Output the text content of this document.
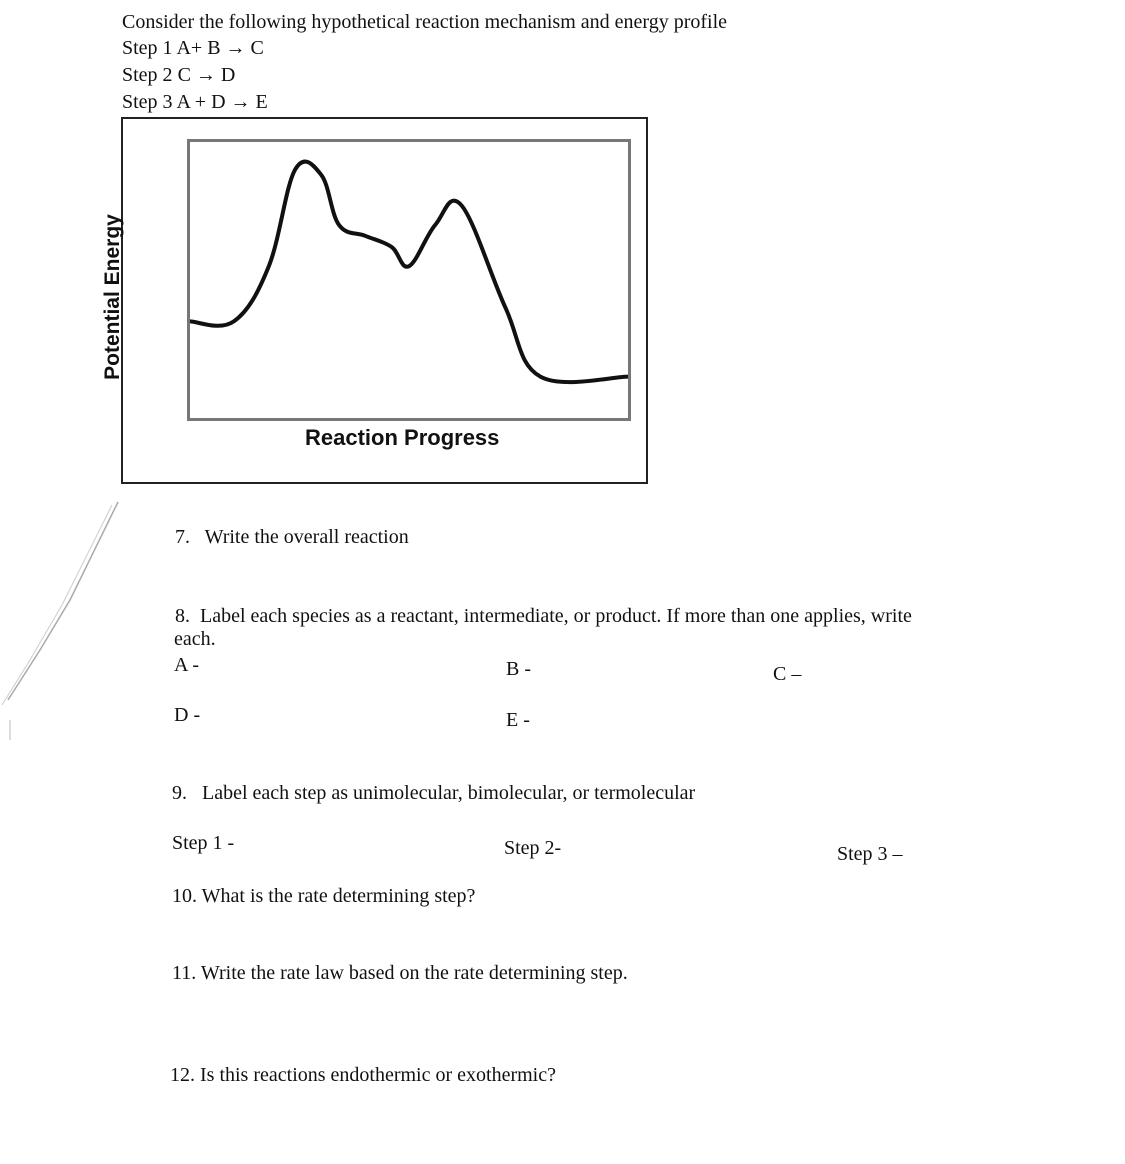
Consider the following hypothetical reaction mechanism and energy profile
Step 1 A+ B → C
Step 2 C → D
Step 3 A + D → E
Potential Energy
Reaction Progress
7. Write the overall reaction
8. Label each species as a reactant, intermediate, or product. If more than one applies, write
each.
A -	B -	C –
D -	E -
9. Label each step as unimolecular, bimolecular, or termolecular
Step 1 -	Step 2-	Step 3 –
10. What is the rate determining step?
11. Write the rate law based on the rate determining step.
12. Is this reactions endothermic or exothermic?
